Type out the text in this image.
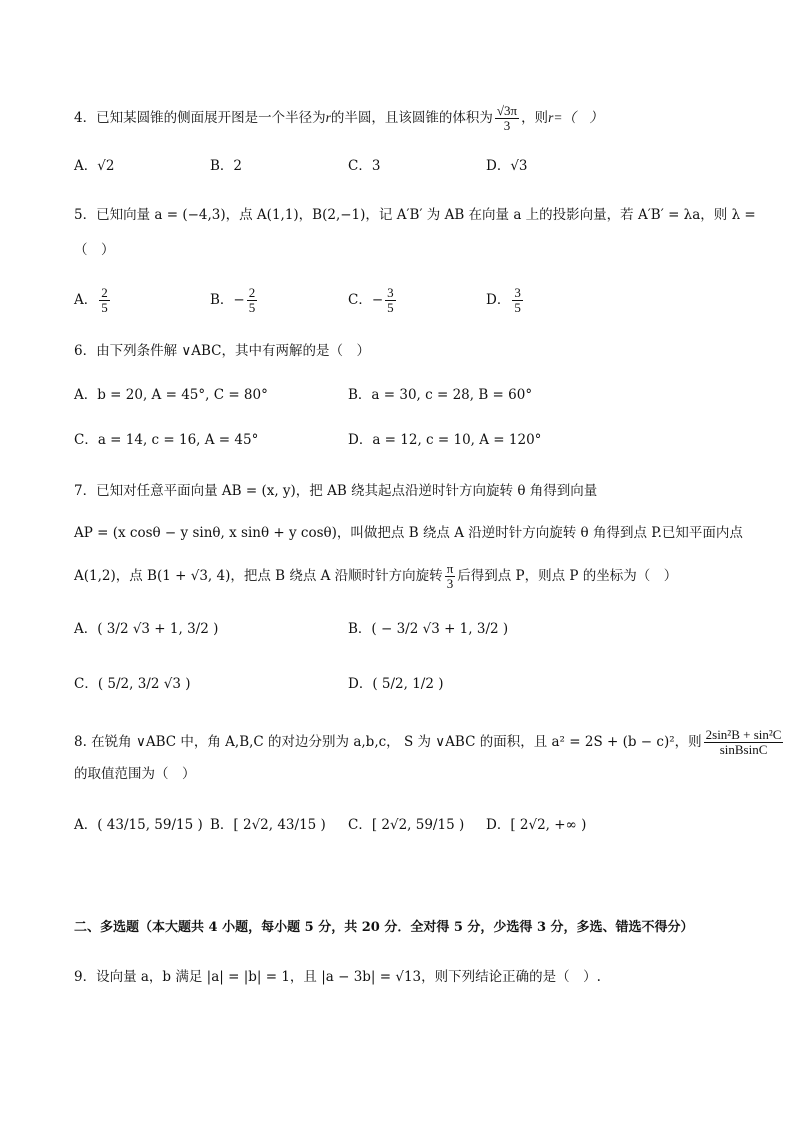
4．已知某圆锥的侧面展开图是一个半径为r的半圆，且该圆锥的体积为 $\frac{√3\pi}{3}$ ，则r=（　）
A．√2	B．2	C．3	D．√3
5．已知向量 a = (−4,3)，点 A(1,1)，B(2,−1)，记 A′B′ 为 AB 在向量 a 上的投影向量，若 A′B′ = λa，则 λ =
（　）
A． $\frac{2}{5}$	B．− $\frac{2}{5}$	C．− $\frac{3}{5}$	D． $\frac{3}{5}$
6．由下列条件解 ∨ABC，其中有两解的是（　）
A．b = 20, A = 45°, C = 80°	B．a = 30, c = 28, B = 60°
C．a = 14, c = 16, A = 45°	D．a = 12, c = 10, A = 120°
7．已知对任意平面向量 AB = (x, y)，把 AB 绕其起点沿逆时针方向旋转 θ 角得到向量
AP = (x cosθ − y sinθ, x sinθ + y cosθ)，叫做把点 B 绕点 A 沿逆时针方向旋转 θ 角得到点 P.已知平面内点
A(1,2)，点 B(1 + √3, 4)，把点 B 绕点 A 沿顺时针方向旋转 $\frac{\pi}{3}$ 后得到点 P，则点 P 的坐标为（　）
A．( 3/2 √3 + 1, 3/2 )	B．( − 3/2 √3 + 1, 3/2 )
C．( 5/2, 3/2 √3 )	D．( 5/2, 1/2 )
8. 在锐角 ∨ABC 中，角 A,B,C 的对边分别为 a,b,c， S 为 ∨ABC 的面积，且 a² = 2S + (b − c)²，则 $\frac{\text{2sin²B + sin²C}}{\text{sinBsinC}}$
的取值范围为（　）
A．( 43/15, 59/15 ) B．[ 2√2, 43/15 ) C．[ 2√2, 59/15 ) D．[ 2√2, +∞ )
二、多选题（本大题共 4 小题，每小题 5 分，共 20 分．全对得 5 分，少选得 3 分，多选、错选不得分）
9．设向量 a，b 满足 |a| = |b| = 1，且 |a − 3b| = √13，则下列结论正确的是（　）.
